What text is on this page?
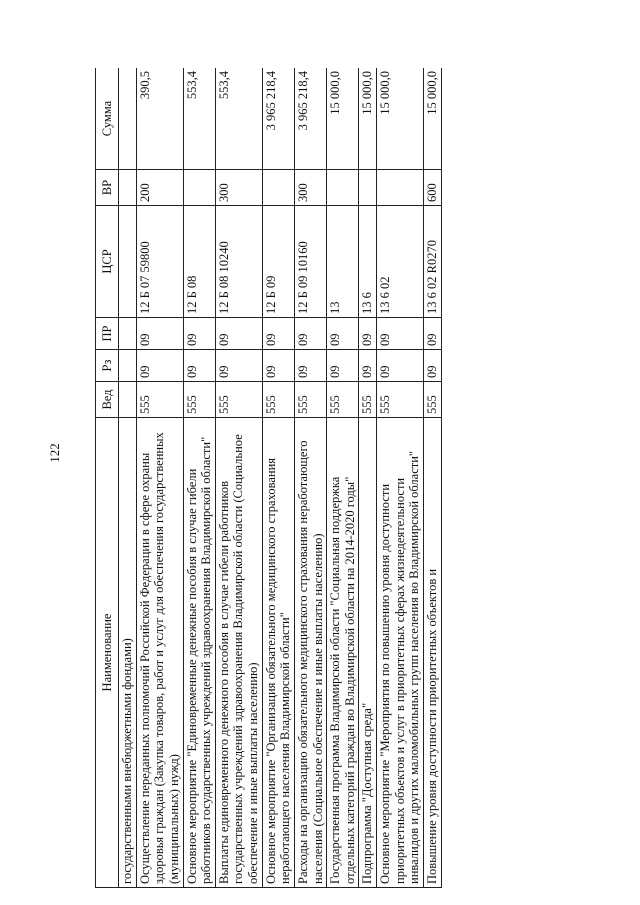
122
Наименование	Вед	Рз	ПР	ЦСР	ВР	Сумма
государственными внебюджетными фондами)						
Осуществление переданных полномочий Российской Федерации в сфере охраны здоровья граждан (Закупка товаров, работ и услуг для обеспечения государственных (муниципальных) нужд)	555	09	09	12 Б 07 59800	200	390,5
Основное мероприятие "Единовременные денежные пособия в случае гибели работников государственных учреждений здравоохранения Владимирской области"	555	09	09	12 Б 08		553,4
Выплаты единовременного денежного пособия в случае гибели работников государственных учреждений здравоохранения Владимирской области (Социальное обеспечение и иные выплаты населению)	555	09	09	12 Б 08 10240	300	553,4
Основное мероприятие "Организация обязательного медицинского страхования неработающего населения Владимирской области"	555	09	09	12 Б 09		3 965 218,4
Расходы на организацию обязательного медицинского страхования неработающего населения (Социальное обеспечение и иные выплаты населению)	555	09	09	12 Б 09 10160	300	3 965 218,4
Государственная программа Владимирской области "Социальная поддержка отдельных категорий граждан во Владимирской области на 2014-2020 годы"	555	09	09	13		15 000,0
Подпрограмма "Доступная среда"	555	09	09	13 6		15 000,0
Основное мероприятие "Мероприятия по повышению уровня доступности приоритетных объектов и услуг в приоритетных сферах жизнедеятельности инвалидов и других маломобильных групп населения во Владимирской области"	555	09	09	13 6 02		15 000,0
Повышение уровня доступности приоритетных объектов и	555	09	09	13 6 02 R0270	600	15 000,0
